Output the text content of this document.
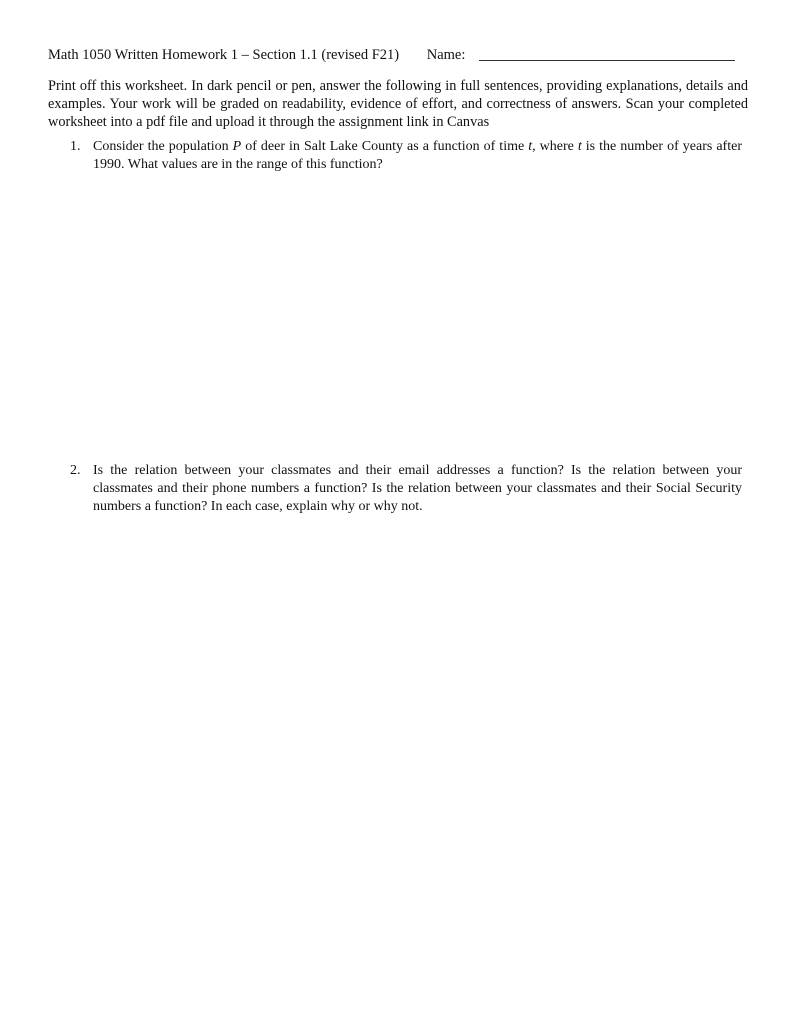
Math 1050 Written Homework 1 – Section 1.1 (revised F21) Name:
Print off this worksheet. In dark pencil or pen, answer the following in full sentences, providing explanations, details and examples. Your work will be graded on readability, evidence of effort, and correctness of answers. Scan your completed worksheet into a pdf file and upload it through the assignment link in Canvas
1. Consider the population P of deer in Salt Lake County as a function of time t, where t is the number of years after 1990. What values are in the range of this function?
2. Is the relation between your classmates and their email addresses a function? Is the relation between your classmates and their phone numbers a function? Is the relation between your classmates and their Social Security numbers a function? In each case, explain why or why not.
